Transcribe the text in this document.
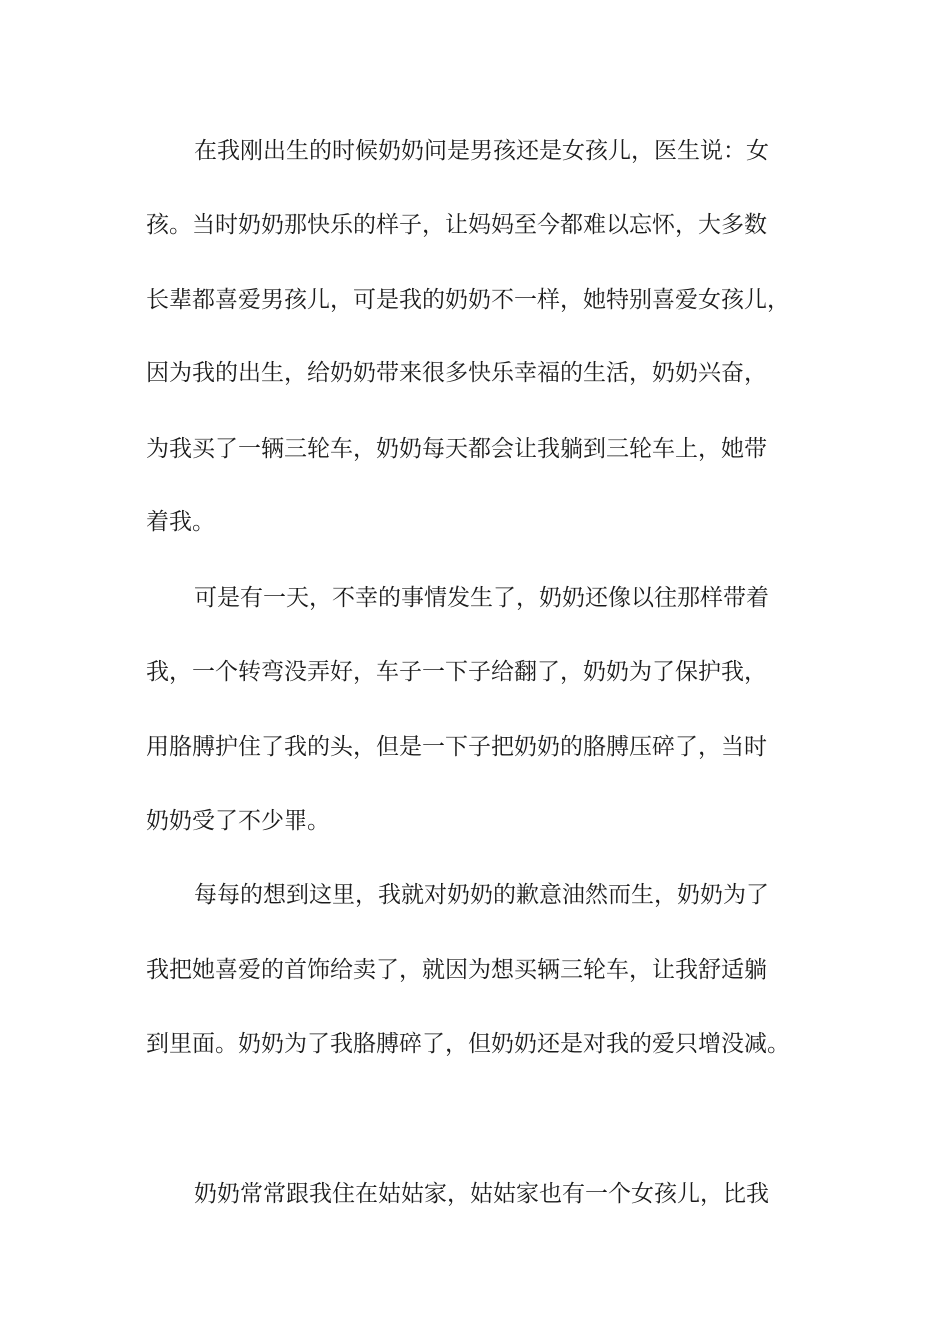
在我刚出生的时候奶奶问是男孩还是女孩儿，医生说：女
孩。当时奶奶那快乐的样子，让妈妈至今都难以忘怀，大多数
长辈都喜爱男孩儿，可是我的奶奶不一样，她特别喜爱女孩儿，
因为我的出生，给奶奶带来很多快乐幸福的生活，奶奶兴奋，
为我买了一辆三轮车，奶奶每天都会让我躺到三轮车上，她带
着我。
可是有一天，不幸的事情发生了，奶奶还像以往那样带着
我，一个转弯没弄好，车子一下子给翻了，奶奶为了保护我，
用胳膊护住了我的头，但是一下子把奶奶的胳膊压碎了，当时
奶奶受了不少罪。
每每的想到这里，我就对奶奶的歉意油然而生，奶奶为了
我把她喜爱的首饰给卖了，就因为想买辆三轮车，让我舒适躺
到里面。奶奶为了我胳膊碎了，但奶奶还是对我的爱只增没减。
奶奶常常跟我住在姑姑家，姑姑家也有一个女孩儿，比我
